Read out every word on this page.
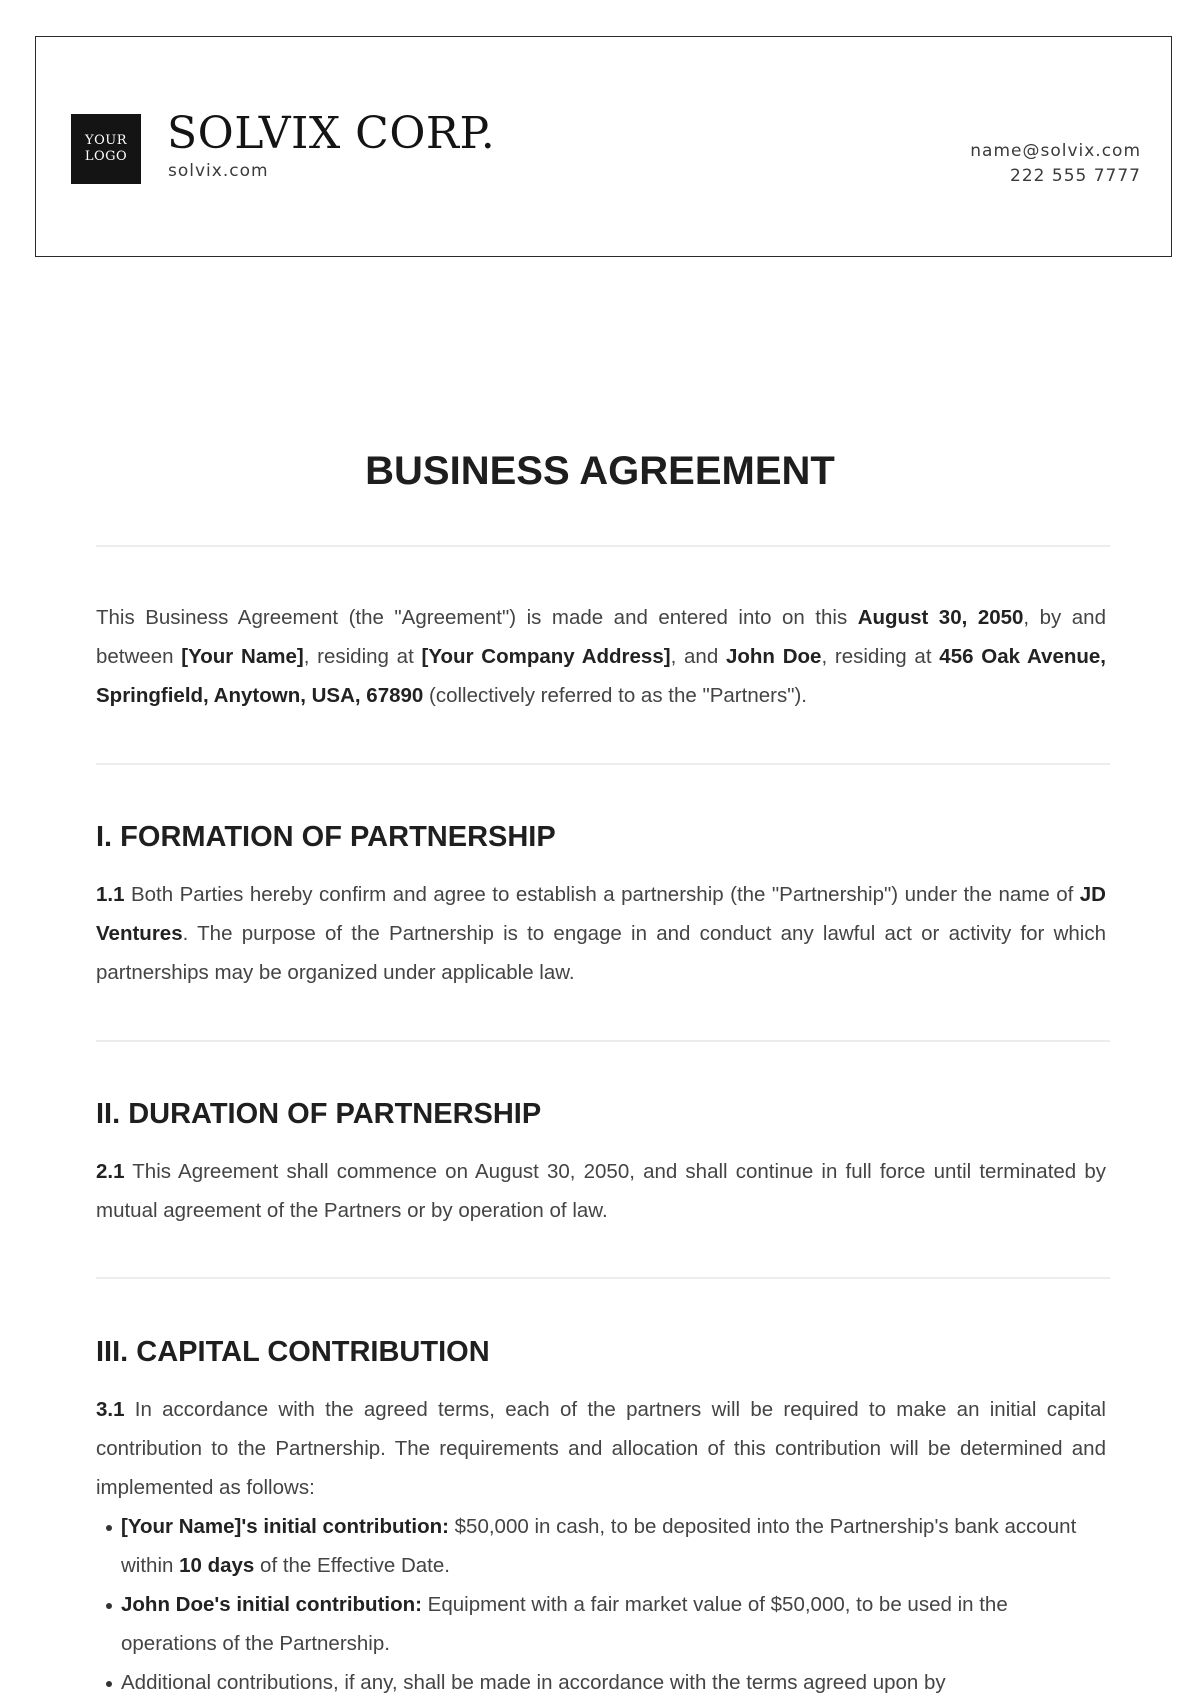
YOUR
LOGO SOLVIX CORP.
solvix.com
name@solvix.com
222 555 7777
BUSINESS AGREEMENT

This Business Agreement (the "Agreement") is made and entered into on this August 30, 2050, by and between [Your Name], residing at [Your Company Address], and John Doe, residing at 456 Oak Avenue, Springfield, Anytown, USA, 67890 (collectively referred to as the "Partners").

I. FORMATION OF PARTNERSHIP

1.1 Both Parties hereby confirm and agree to establish a partnership (the "Partnership") under the name of JD Ventures. The purpose of the Partnership is to engage in and conduct any lawful act or activity for which partnerships may be organized under applicable law.

II. DURATION OF PARTNERSHIP

2.1 This Agreement shall commence on August 30, 2050, and shall continue in full force until terminated by mutual agreement of the Partners or by operation of law.

III. CAPITAL CONTRIBUTION

3.1 In accordance with the agreed terms, each of the partners will be required to make an initial capital contribution to the Partnership. The requirements and allocation of this contribution will be determined and implemented as follows:

[Your Name]'s initial contribution: $50,000 in cash, to be deposited into the Partnership's bank account within 10 days of the Effective Date.
John Doe's initial contribution: Equipment with a fair market value of $50,000, to be used in the operations of the Partnership.
Additional contributions, if any, shall be made in accordance with the terms agreed upon by
